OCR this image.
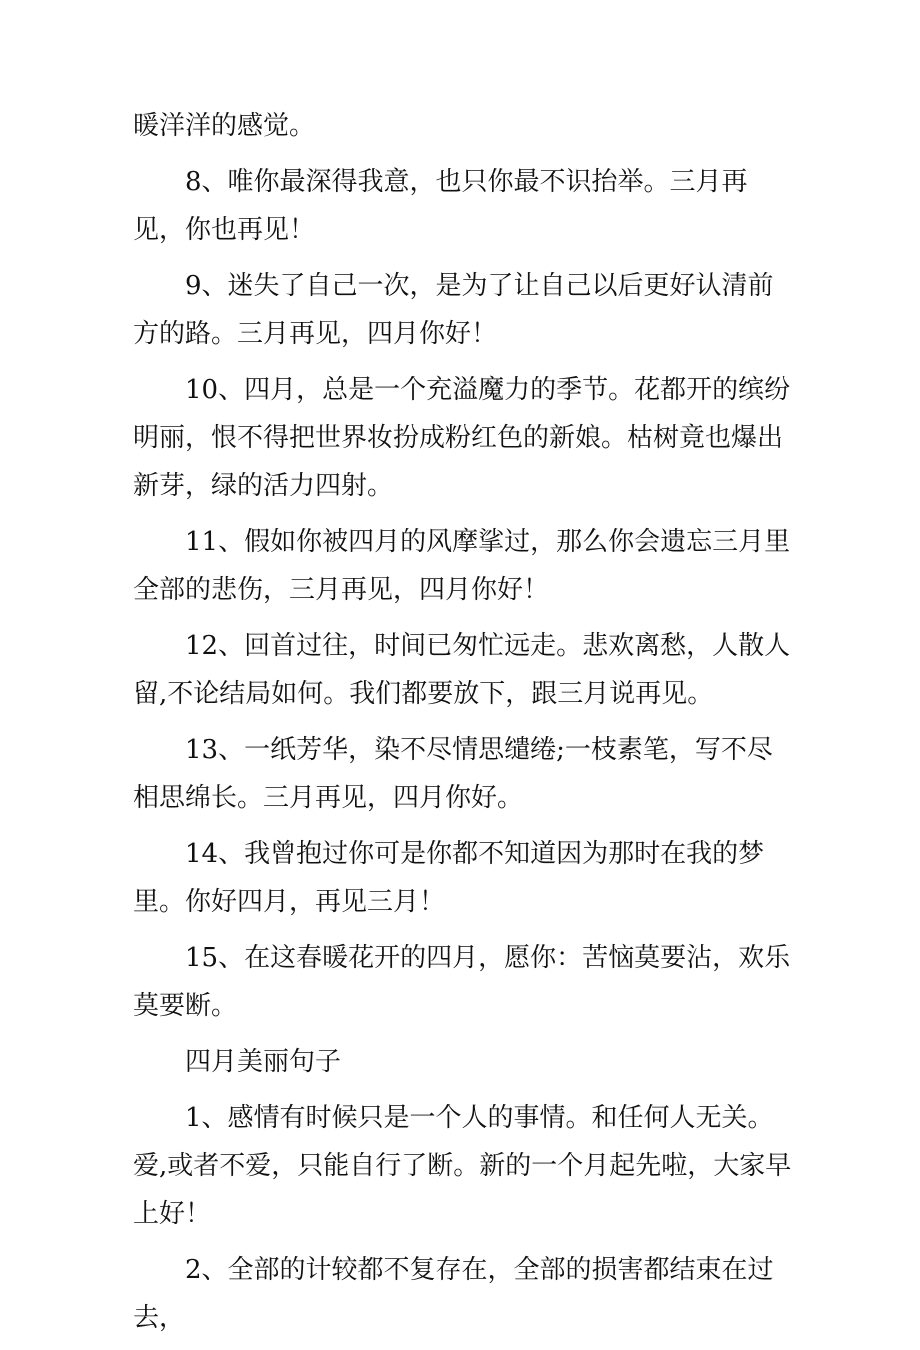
暖洋洋的感觉。

8、唯你最深得我意，也只你最不识抬举。三月再见，你也再见！

9、迷失了自己一次，是为了让自己以后更好认清前方的路。三月再见，四月你好！

10、四月，总是一个充溢魔力的季节。花都开的缤纷明丽，恨不得把世界妆扮成粉红色的新娘。枯树竟也爆出新芽，绿的活力四射。

11、假如你被四月的风摩挲过，那么你会遗忘三月里全部的悲伤，三月再见，四月你好！

12、回首过往，时间已匆忙远走。悲欢离愁，人散人留,不论结局如何。我们都要放下，跟三月说再见。

13、一纸芳华，染不尽情思缱绻;一枝素笔，写不尽相思绵长。三月再见，四月你好。

14、我曾抱过你可是你都不知道因为那时在我的梦里。你好四月，再见三月！

15、在这春暖花开的四月，愿你：苦恼莫要沾，欢乐莫要断。

四月美丽句子

1、感情有时候只是一个人的事情。和任何人无关。爱,或者不爱，只能自行了断。新的一个月起先啦，大家早上好！

2、全部的计较都不复存在，全部的损害都结束在过去，
